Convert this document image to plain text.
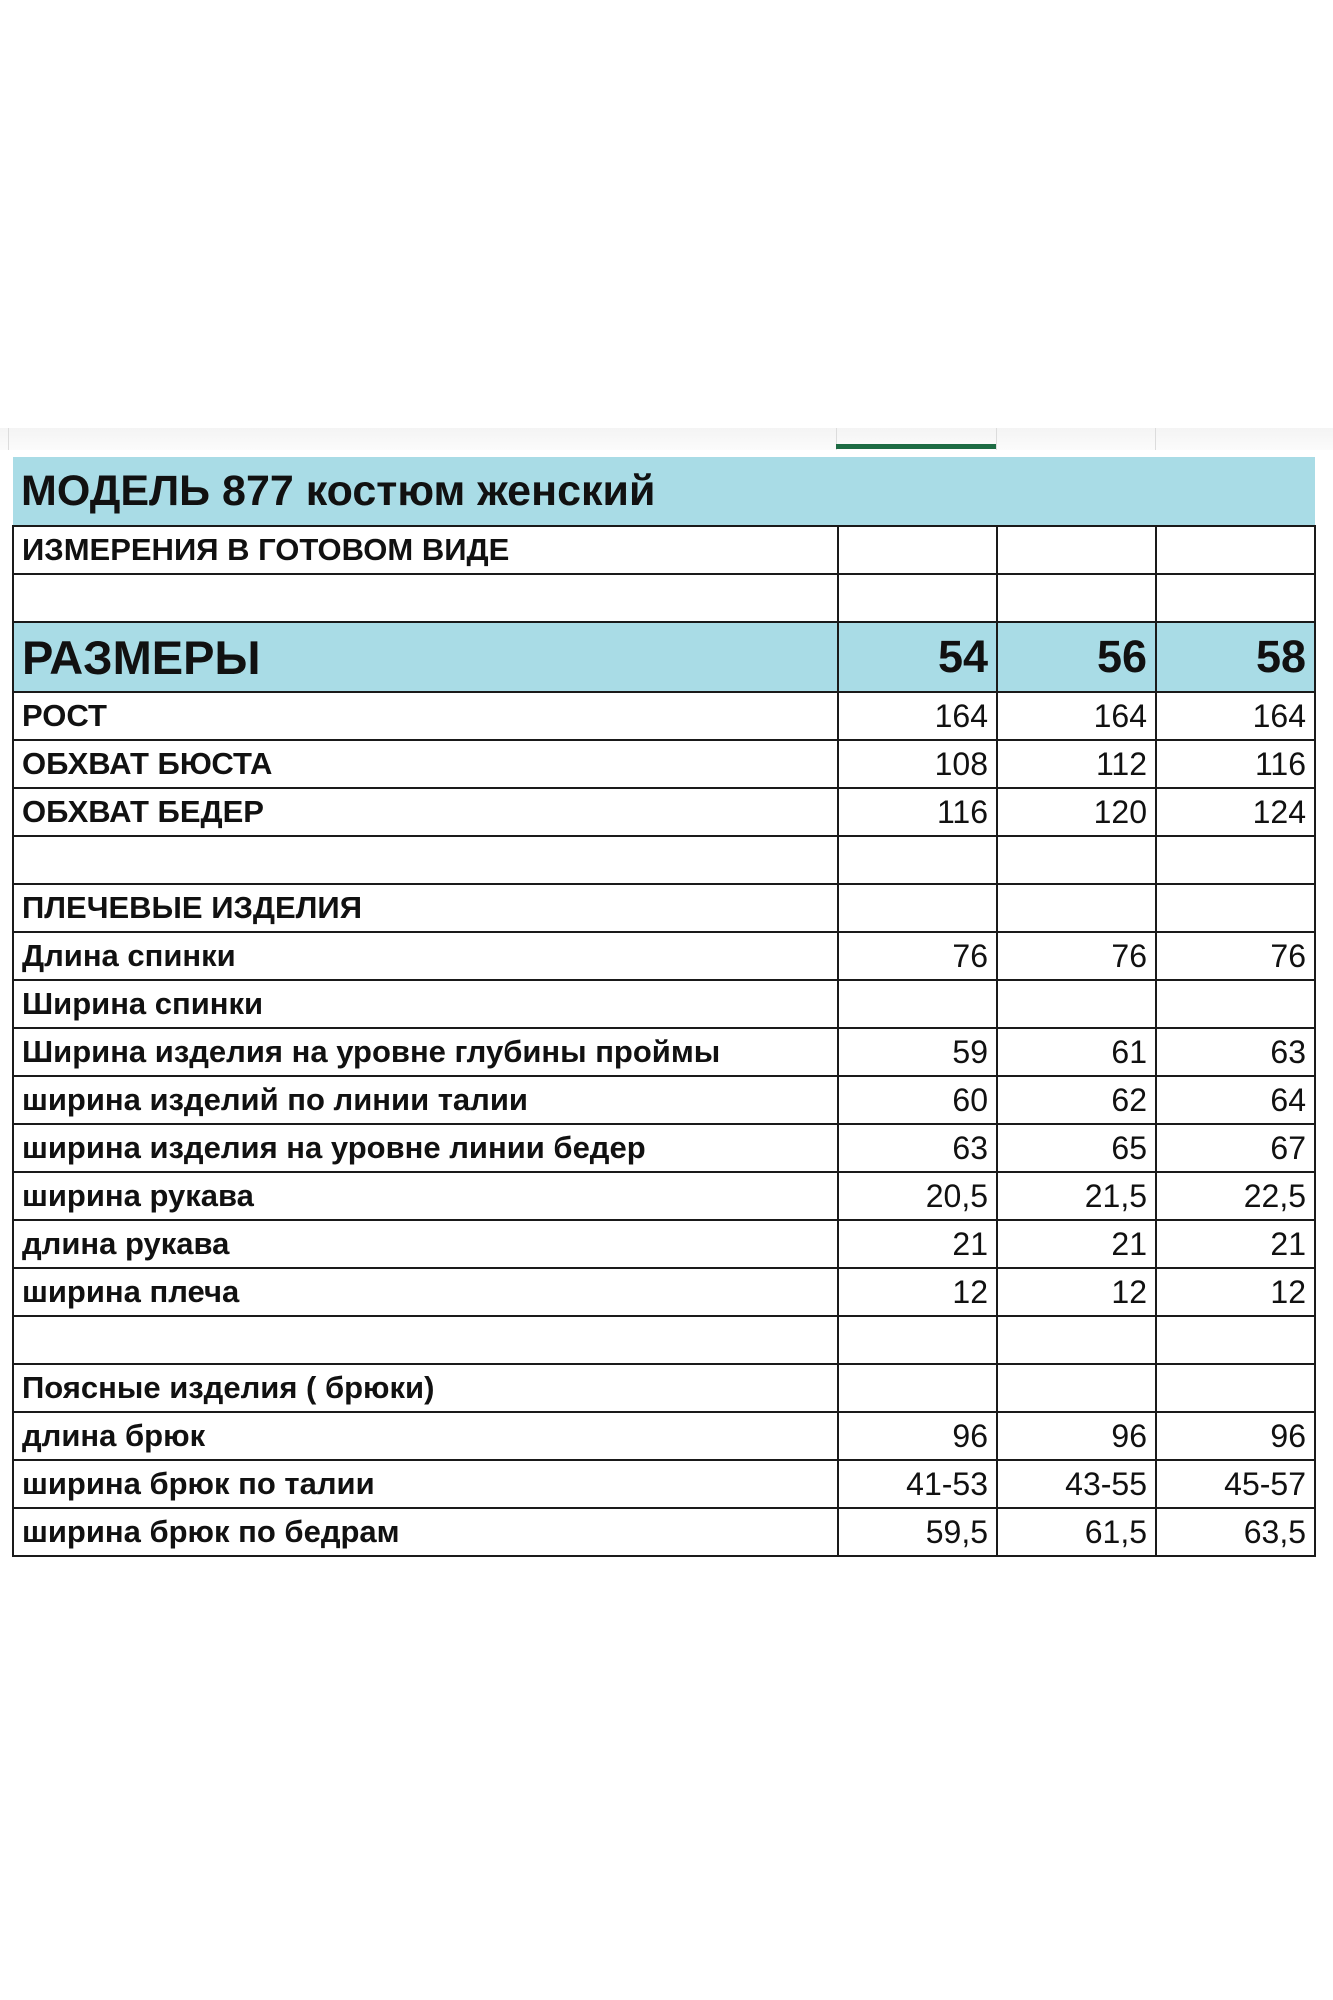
МОДЕЛЬ 877 костюм женский			
ИЗМЕРЕНИЯ В ГОТОВОМ ВИДЕ			

РАЗМЕРЫ	54	56	58
РОСТ	164	164	164
ОБХВАТ БЮСТА	108	112	116
ОБХВАТ БЕДЕР	116	120	124

ПЛЕЧЕВЫЕ ИЗДЕЛИЯ			
Длина спинки	76	76	76
Ширина спинки			
Ширина изделия на уровне глубины проймы	59	61	63
ширина изделий по линии талии	60	62	64
ширина изделия на уровне линии бедер	63	65	67
ширина рукава	20,5	21,5	22,5
длина рукава	21	21	21
ширина плеча	12	12	12

Поясные изделия ( брюки)			
длина брюк	96	96	96
ширина брюк по талии	41-53	43-55	45-57
ширина брюк по бедрам	59,5	61,5	63,5
